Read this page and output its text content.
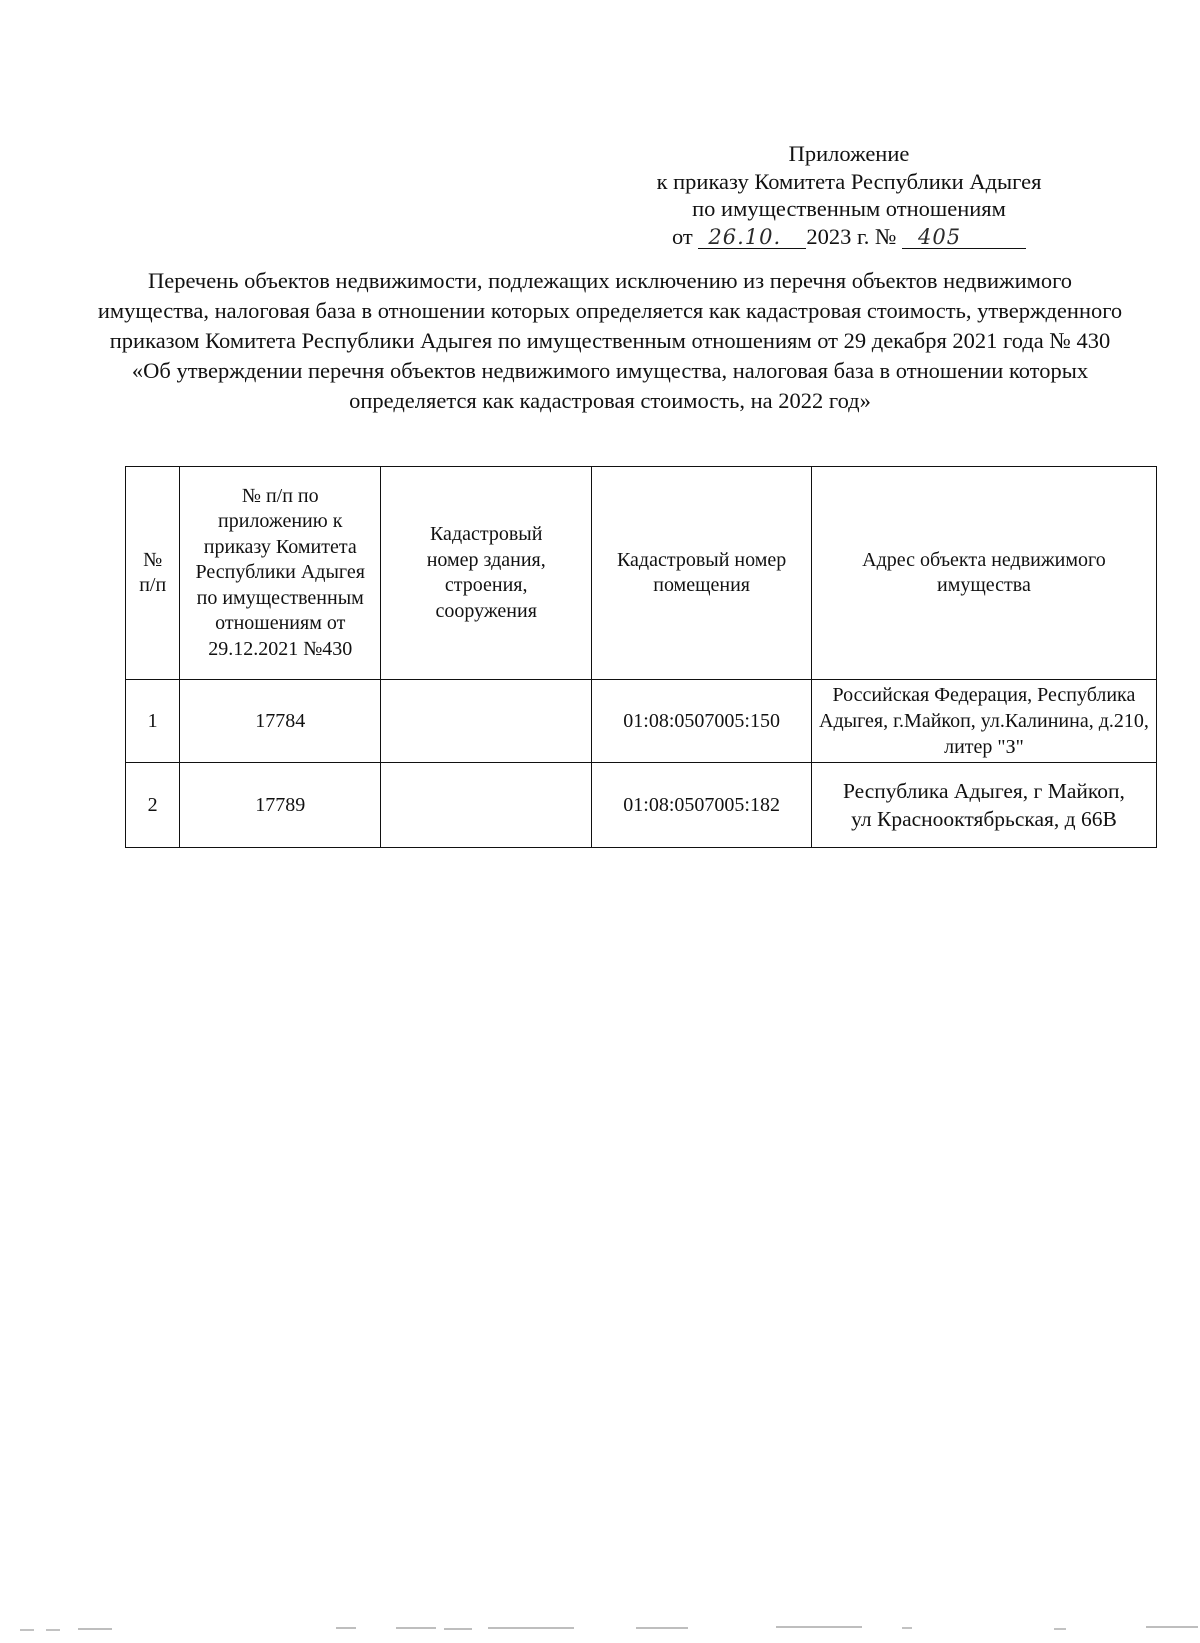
Приложение
к приказу Комитета Республики Адыгея
по имущественным отношениям
от 26.10. 2023 г. № 405
Перечень объектов недвижимости, подлежащих исключению из перечня объектов недвижимого имущества, налоговая база в отношении которых определяется как кадастровая стоимость, утвержденного приказом Комитета Республики Адыгея по имущественным отношениям от 29 декабря 2021 года № 430 «Об утверждении перечня объектов недвижимого имущества, налоговая база в отношении которых определяется как кадастровая стоимость, на 2022 год»
№ п/п	№ п/п по приложению к приказу Комитета Республики Адыгея по имущественным отношениям от 29.12.2021 №430	Кадастровый номер здания, строения, сооружения	Кадастровый номер помещения	Адрес объекта недвижимого имущества
1	17784		01:08:0507005:150	Российская Федерация, Республика Адыгея, г.Майкоп, ул.Калинина, д.210, литер "З"
2	17789		01:08:0507005:182	Республика Адыгея, г Майкоп, ул Краснооктябрьская, д 66В
